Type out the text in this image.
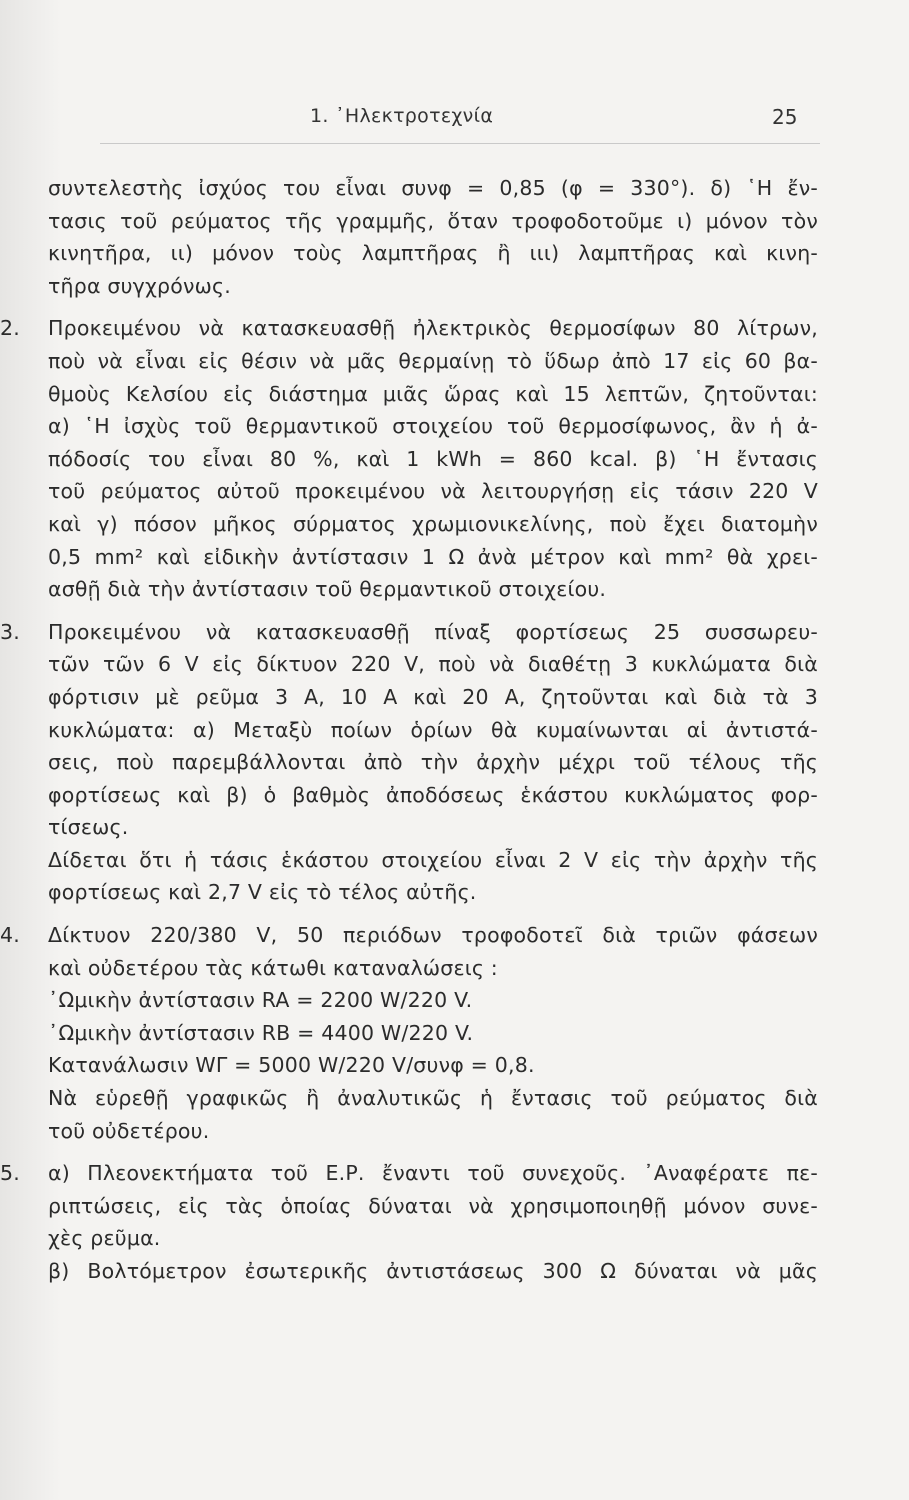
1. ᾿Ηλεκτροτεχνία	25
συντελεστὴς ἰσχύος του εἶναι συνφ = 0,85 (φ = 330°). δ) ῾Η ἔν-
τασις τοῦ ρεύματος τῆς γραμμῆς, ὅταν τροφοδοτοῦμε ι) μόνον τὸν
κινητῆρα, ιι) μόνον τοὺς λαμπτῆρας ἢ ιιι) λαμπτῆρας καὶ κινη-
τῆρα συγχρόνως.
2. Προκειμένου νὰ κατασκευασθῇ ἠλεκτρικὸς θερμοσίφων 80 λίτρων,
ποὺ νὰ εἶναι εἰς θέσιν νὰ μᾶς θερμαίνῃ τὸ ὕδωρ ἀπὸ 17 εἰς 60 βα-
θμοὺς Κελσίου εἰς διάστημα μιᾶς ὥρας καὶ 15 λεπτῶν, ζητοῦνται:
α) ῾Η ἰσχὺς τοῦ θερμαντικοῦ στοιχείου τοῦ θερμοσίφωνος, ἂν ἡ ἀ-
πόδοσίς του εἶναι 80 %, καὶ 1 kWh = 860 kcal. β) ῾Η ἔντασις
τοῦ ρεύματος αὐτοῦ προκειμένου νὰ λειτουργήσῃ εἰς τάσιν 220 V
καὶ γ) πόσον μῆκος σύρματος χρωμιονικελίνης, ποὺ ἔχει διατομὴν
0,5 mm² καὶ εἰδικὴν ἀντίστασιν 1 Ω ἀνὰ μέτρον καὶ mm² θὰ χρει-
ασθῇ διὰ τὴν ἀντίστασιν τοῦ θερμαντικοῦ στοιχείου.
3. Προκειμένου νὰ κατασκευασθῇ πίναξ φορτίσεως 25 συσσωρευ-
τῶν τῶν 6 V εἰς δίκτυον 220 V, ποὺ νὰ διαθέτῃ 3 κυκλώματα διὰ
φόρτισιν μὲ ρεῦμα 3 A, 10 A καὶ 20 A, ζητοῦνται καὶ διὰ τὰ 3
κυκλώματα: α) Μεταξὺ ποίων ὁρίων θὰ κυμαίνωνται αἱ ἀντιστά-
σεις, ποὺ παρεμβάλλονται ἀπὸ τὴν ἀρχὴν μέχρι τοῦ τέλους τῆς
φορτίσεως καὶ β) ὁ βαθμὸς ἀποδόσεως ἑκάστου κυκλώματος φορ-
τίσεως.
Δίδεται ὅτι ἡ τάσις ἑκάστου στοιχείου εἶναι 2 V εἰς τὴν ἀρχὴν τῆς
φορτίσεως καὶ 2,7 V εἰς τὸ τέλος αὐτῆς.
4. Δίκτυον 220/380 V, 50 περιόδων τροφοδοτεῖ διὰ τριῶν φάσεων
καὶ οὐδετέρου τὰς κάτωθι καταναλώσεις :
᾿Ωμικὴν ἀντίστασιν RA = 2200 W/220 V.
᾿Ωμικὴν ἀντίστασιν RB = 4400 W/220 V.
Κατανάλωσιν WΓ = 5000 W/220 V/συνφ = 0,8.
Νὰ εὑρεθῇ γραφικῶς ἢ ἀναλυτικῶς ἡ ἔντασις τοῦ ρεύματος διὰ
τοῦ οὐδετέρου.
5. α) Πλεονεκτήματα τοῦ Ε.Ρ. ἔναντι τοῦ συνεχοῦς. ᾿Αναφέρατε πε-
ριπτώσεις, εἰς τὰς ὁποίας δύναται νὰ χρησιμοποιηθῇ μόνον συνε-
χὲς ρεῦμα.
β) Βολτόμετρον ἐσωτερικῆς ἀντιστάσεως 300 Ω δύναται νὰ μᾶς
